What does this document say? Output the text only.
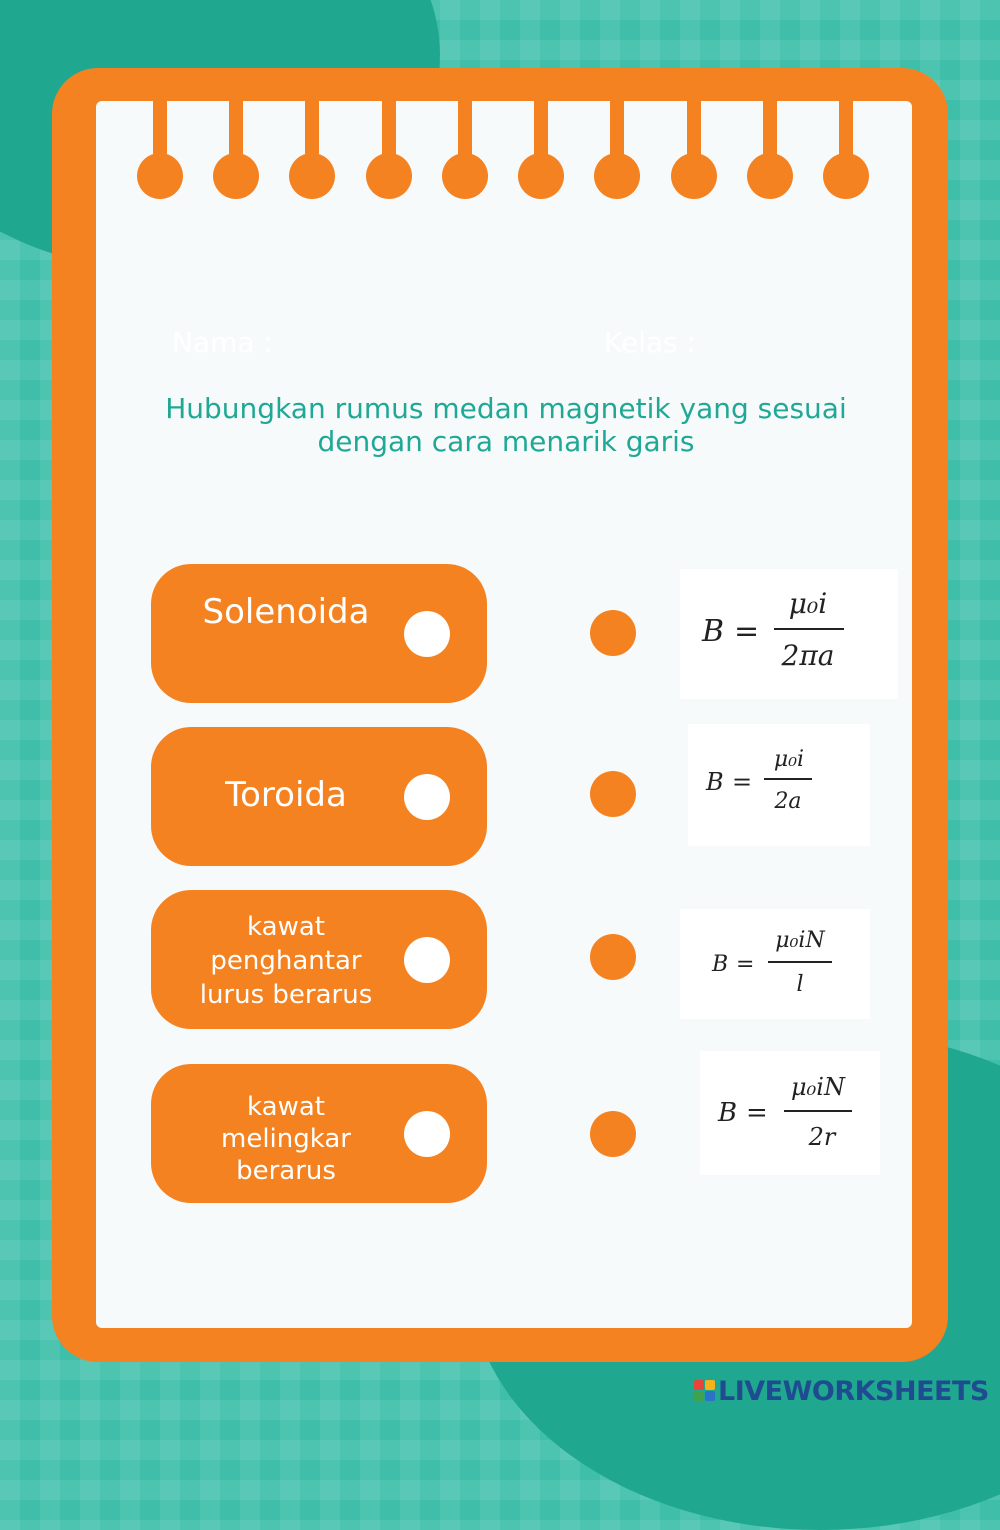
Nama :	Kelas :
Hubungkan rumus medan magnetik yang sesuai
dengan cara menarik garis
Solenoida
Toroida
kawat
penghantar
lurus berarus
kawat
melingkar
berarus
B =
μ₀i
2πa
B =
μ₀i
2a
B =
μ₀iN
l
B =
μ₀iN
2r
LIVEWORKSHEETS
